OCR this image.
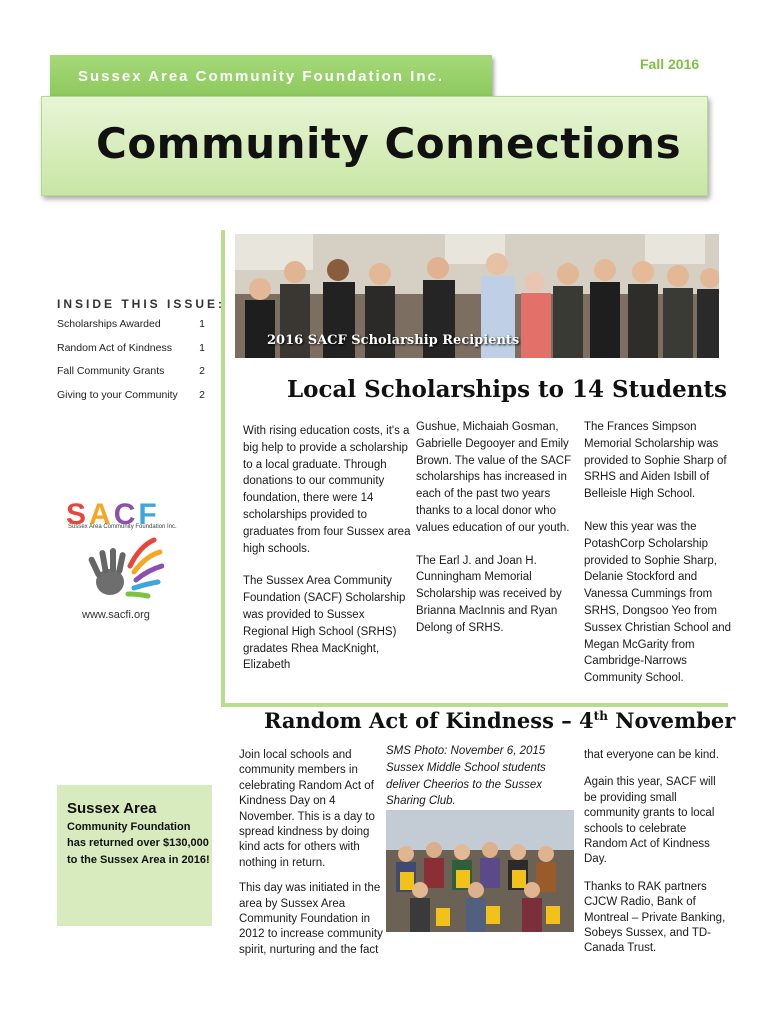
Fall 2016
Sussex Area Community Foundation Inc.
Community Connections
2016 SACF Scholarship Recipients
INSIDE THIS ISSUE:
Scholarships Awarded	1
Random Act of Kindness	1
Fall Community Grants	2
Giving to your Community 2
SACF
Sussex Area Community Foundation Inc.
www.sacfi.org
Local Scholarships to 14 Students

With rising education costs, it's a big help to provide a scholarship to a local graduate. Through donations to our community foundation, there were 14 scholarships provided to graduates from four Sussex area high schools.

The Sussex Area Community Foundation (SACF) Scholarship was provided to Sussex Regional High School (SRHS) gradates Rhea MacKnight, Elizabeth

Gushue, Michaiah Gosman, Gabrielle Degooyer and Emily Brown. The value of the SACF scholarships has increased in each of the past two years thanks to a local donor who values education of our youth.

The Earl J. and Joan H. Cunningham Memorial Scholarship was received by Brianna MacInnis and Ryan Delong of SRHS.

The Frances Simpson Memorial Scholarship was provided to Sophie Sharp of SRHS and Aiden Isbill of Belleisle High School.

New this year was the PotashCorp Scholarship provided to Sophie Sharp, Delanie Stockford and Vanessa Cummings from SRHS, Dongsoo Yeo from Sussex Christian School and Megan McGarity from Cambridge-Narrows Community School.

Random Act of Kindness – 4th November

Join local schools and community members in celebrating Random Act of Kindness Day on 4 November. This is a day to spread kindness by doing kind acts for others with nothing in return.

This day was initiated in the area by Sussex Area Community Foundation in 2012 to increase community spirit, nurturing and the fact

SMS Photo: November 6, 2015 Sussex Middle School students deliver Cheerios to the Sussex Sharing Club.

that everyone can be kind.

Again this year, SACF will be providing small community grants to local schools to celebrate Random Act of Kindness Day.

Thanks to RAK partners CJCW Radio, Bank of Montreal – Private Banking, Sobeys Sussex, and TD-Canada Trust.

Sussex Area
Community Foundation has returned over $130,000 to the Sussex Area in 2016!
